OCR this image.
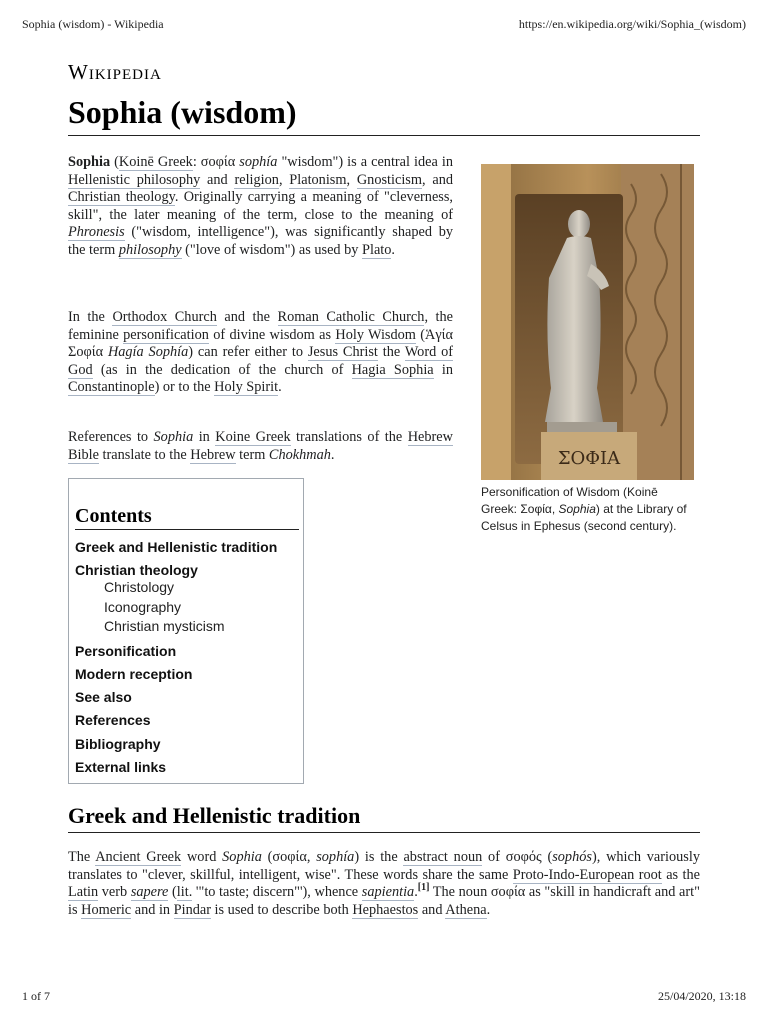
Sophia (wisdom) - Wikipedia	https://en.wikipedia.org/wiki/Sophia_(wisdom)
Wikipedia
Sophia (wisdom)

Sophia (Koinē Greek: σοφία sophía "wisdom") is a central idea in Hellenistic philosophy and religion, Platonism, Gnosticism, and Christian theology. Originally carrying a meaning of "cleverness, skill", the later meaning of the term, close to the meaning of Phronesis ("wisdom, intelligence"), was significantly shaped by the term philosophy ("love of wisdom") as used by Plato.

In the Orthodox Church and the Roman Catholic Church, the feminine personification of divine wisdom as Holy Wisdom (Ἁγία Σοφία Hagía Sophía) can refer either to Jesus Christ the Word of God (as in the dedication of the church of Hagia Sophia in Constantinople) or to the Holy Spirit.

References to Sophia in Koine Greek translations of the Hebrew Bible translate to the Hebrew term Chokhmah.	ΣΟΦΙΑ
Personification of Wisdom (Koinē Greek: Σοφία, Sophia) at the Library of Celsus in Ephesus (second century).
Contents
Greek and Hellenistic tradition
Christian theology
Christology
Iconography
Christian mysticism
Personification
Modern reception
See also
References
Bibliography
External links
Greek and Hellenistic tradition

The Ancient Greek word Sophia (σοφία, sophía) is the abstract noun of σοφός (sophós), which variously translates to "clever, skillful, intelligent, wise". These words share the same Proto-Indo-European root as the Latin verb sapere (lit. '"to taste; discern"'), whence sapientia.[1] The noun σοφία as "skill in handicraft and art" is Homeric and in Pindar is used to describe both Hephaestos and Athena.

1 of 7	25/04/2020, 13:18
